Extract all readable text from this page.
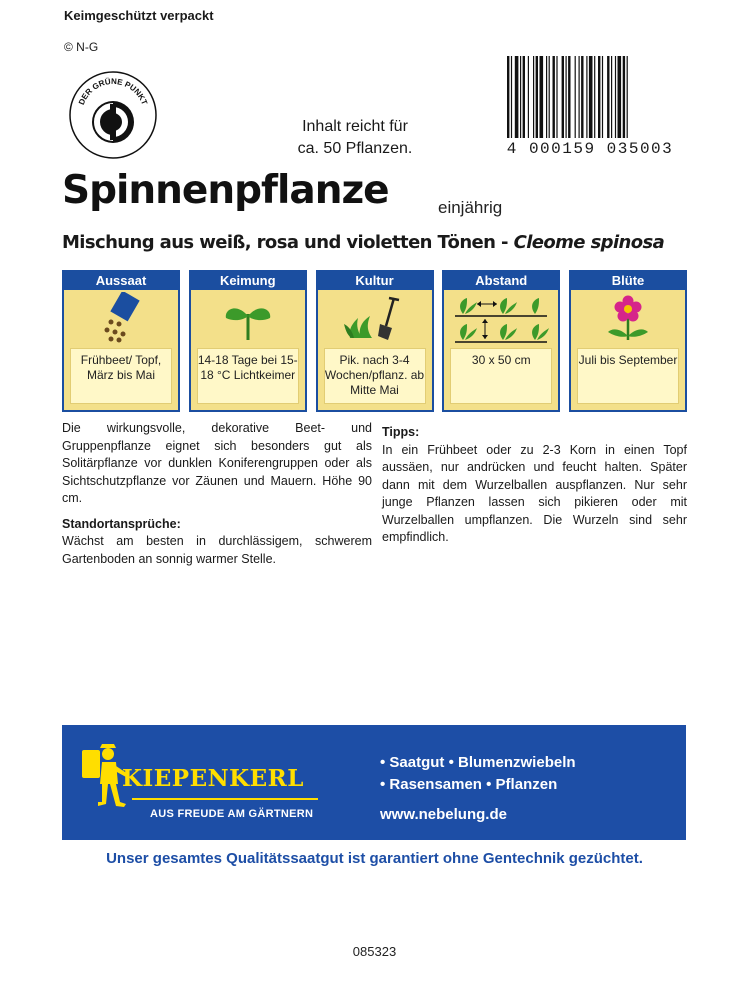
Keimgeschützt verpackt
© N-G
DER GRÜNE PUNKT
Inhalt reicht für
ca. 50 Pflanzen.	4 000159 035003
Spinnenpflanze	einjährig
Mischung aus weiß, rosa und violetten Tönen - Cleome spinosa
Aussaat
Frühbeet/ Topf, März bis Mai
Keimung
14-18 Tage bei 15-18 °C Lichtkeimer
Kultur
Pik. nach 3-4 Wochen/pflanz. ab Mitte Mai
Abstand
30 x 50 cm
Blüte
Juli bis September

Die wirkungsvolle, dekorative Beet- und Gruppenpflanze eignet sich besonders gut als Solitärpflanze vor dunklen Koniferengruppen oder als Sichtschutzpflanze vor Zäunen und Mauern. Höhe 90 cm.

Standortansprüche:

Wächst am besten in durchlässigem, schwerem Gartenboden an sonnig warmer Stelle.

Tipps:

In ein Frühbeet oder zu 2-3 Korn in einen Topf aussäen, nur andrücken und feucht halten. Später dann mit dem Wurzelballen auspflanzen. Nur sehr junge Pflanzen lassen sich pikieren oder mit Wurzelballen umpflanzen. Die Wurzeln sind sehr empfindlich.

KIEPENKERL
AUS FREUDE AM GÄRTNERN
• Saatgut • Blumenzwiebeln
• Rasensamen • Pflanzen
www.nebelung.de
Unser gesamtes Qualitätssaatgut ist garantiert ohne Gentechnik gezüchtet.
085323
